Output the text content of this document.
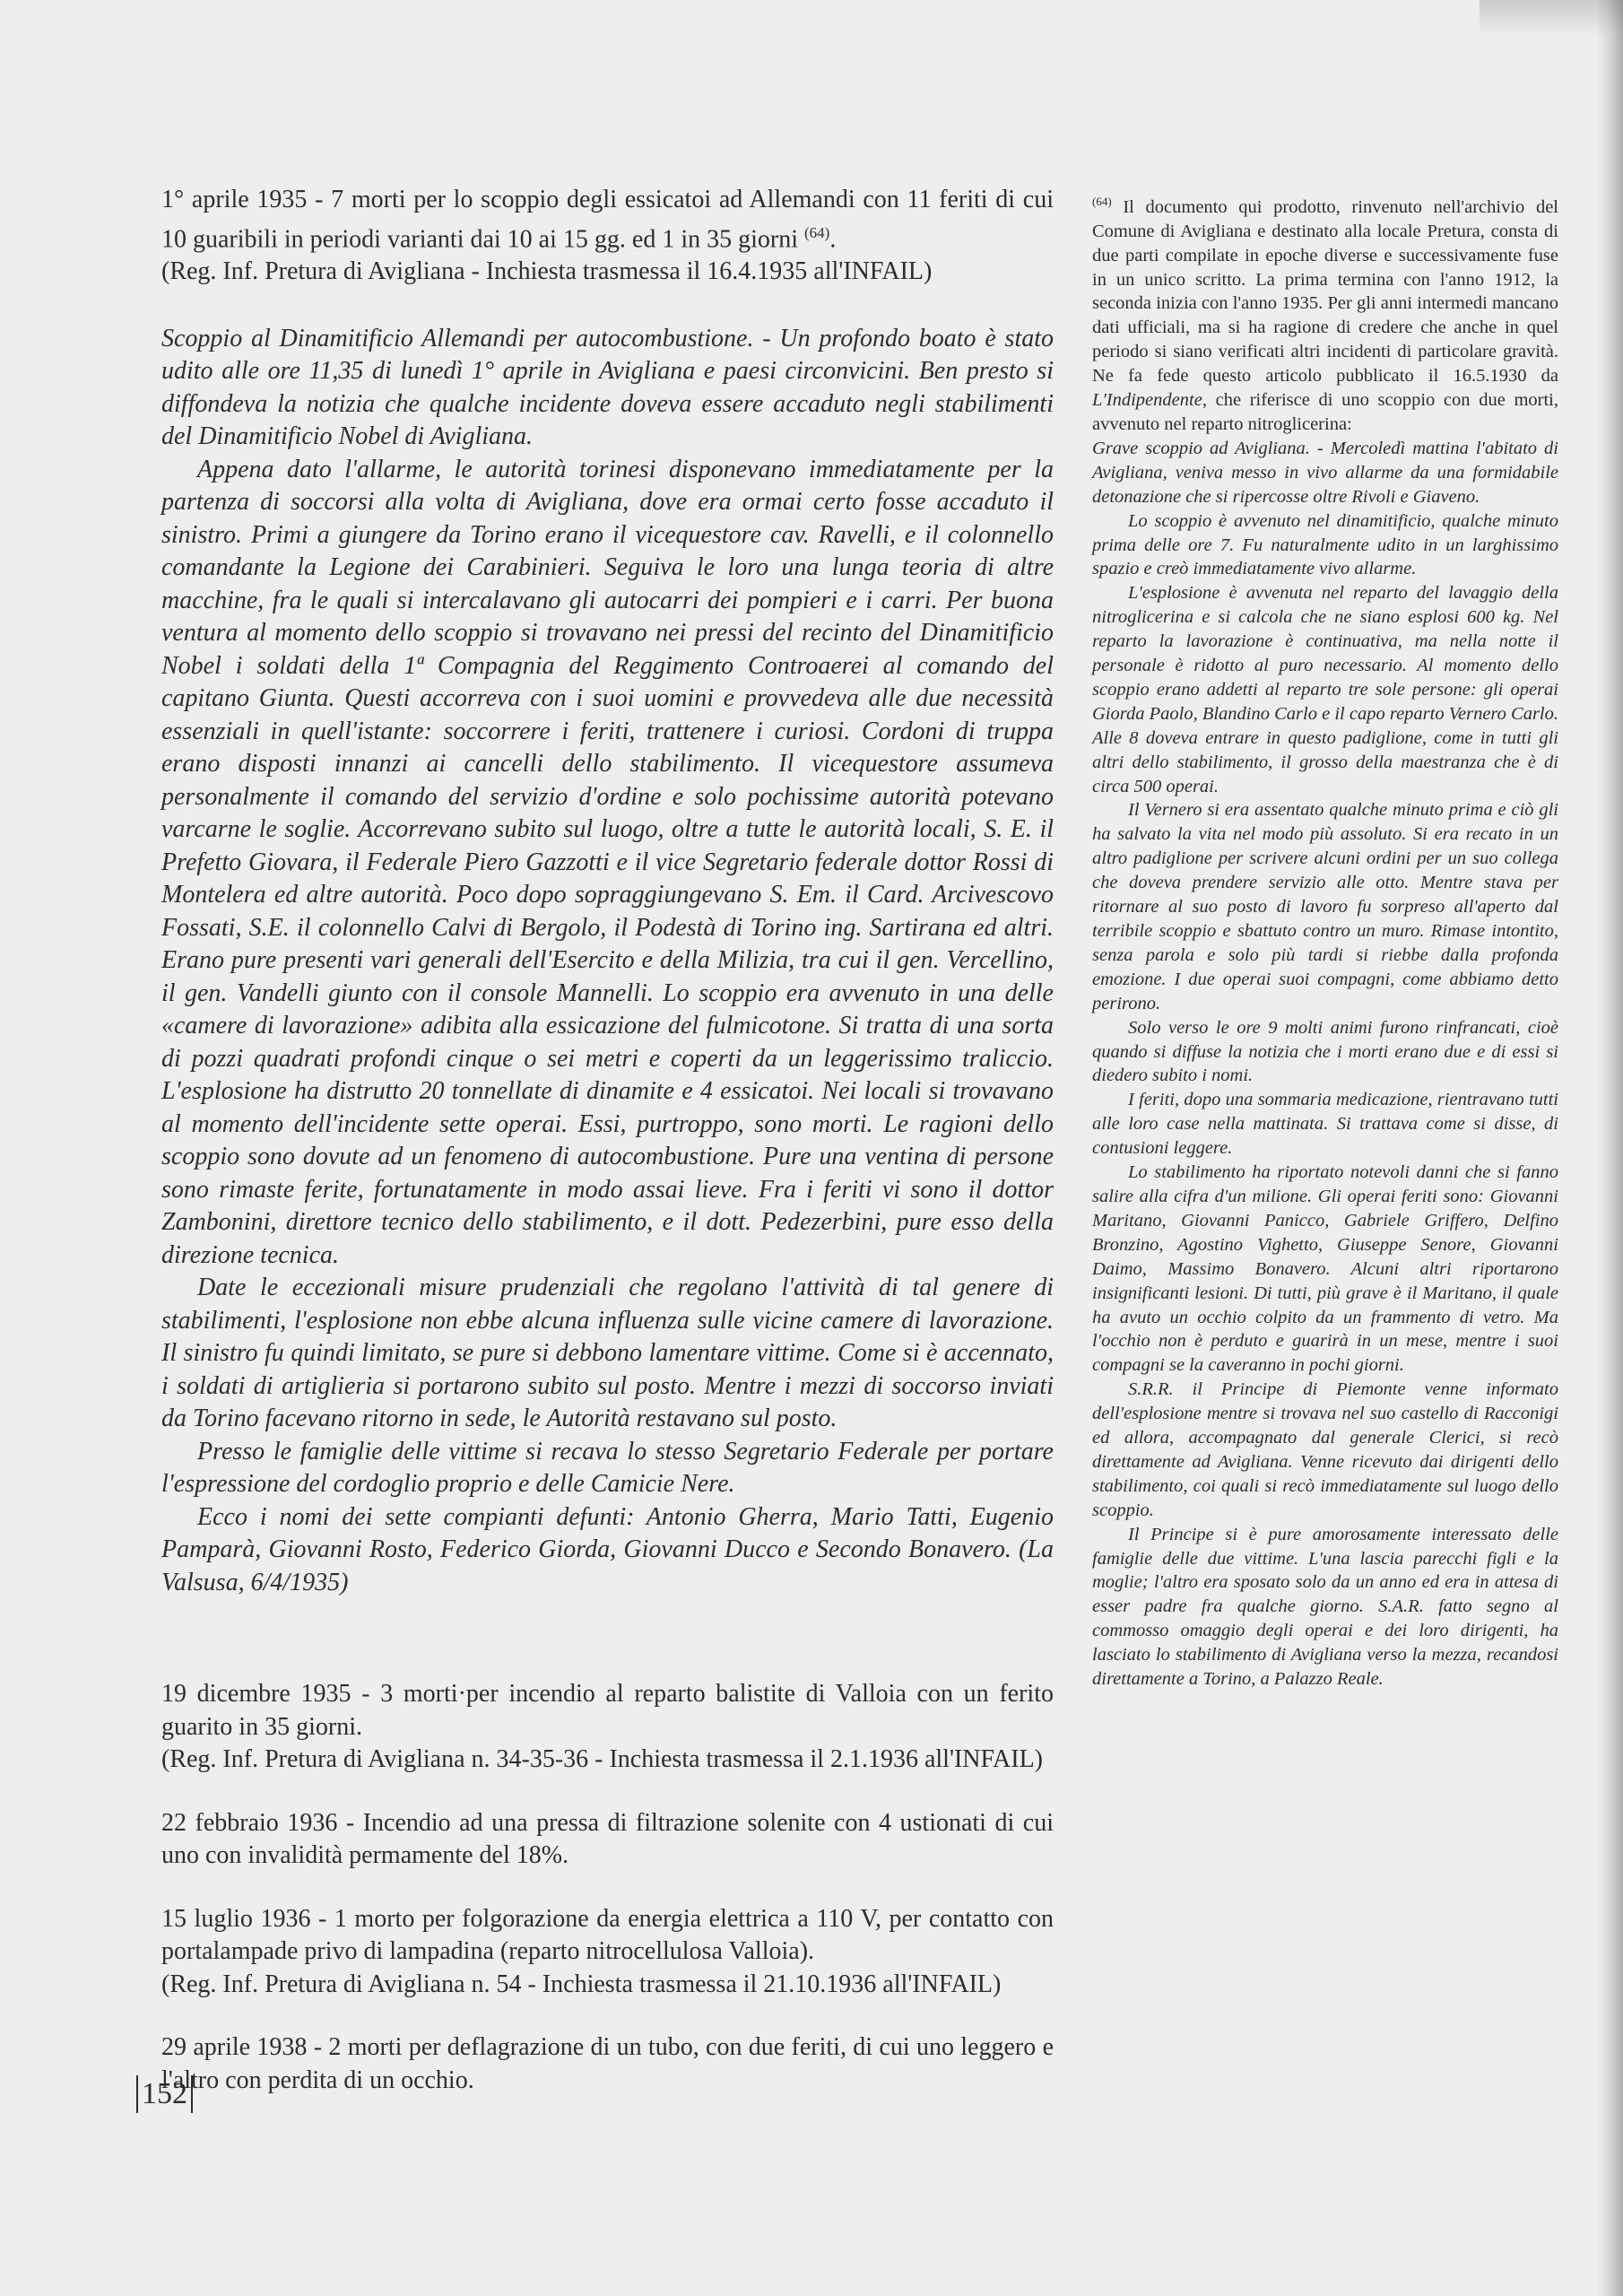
1° aprile 1935 - 7 morti per lo scoppio degli essicatoi ad Allemandi con 11 feriti di cui 10 guaribili in periodi varianti dai 10 ai 15 gg. ed 1 in 35 giorni $^{(64)}$.

(Reg. Inf. Pretura di Avigliana - Inchiesta trasmessa il 16.4.1935 all'INFAIL)

Scoppio al Dinamitificio Allemandi per autocombustione. - Un profondo boato è stato udito alle ore 11,35 di lunedì 1° aprile in Avigliana e paesi circonvicini. Ben presto si diffondeva la notizia che qualche incidente doveva essere accaduto negli stabilimenti del Dinamitificio Nobel di Avigliana.

Appena dato l'allarme, le autorità torinesi disponevano immediatamente per la partenza di soccorsi alla volta di Avigliana, dove era ormai certo fosse accaduto il sinistro. Primi a giungere da Torino erano il vicequestore cav. Ravelli, e il colonnello comandante la Legione dei Carabinieri. Seguiva le loro una lunga teoria di altre macchine, fra le quali si intercalavano gli autocarri dei pompieri e i carri. Per buona ventura al momento dello scoppio si trovavano nei pressi del recinto del Dinamitificio Nobel i soldati della 1ª Compagnia del Reggimento Controaerei al comando del capitano Giunta. Questi accorreva con i suoi uomini e provvedeva alle due necessità essenziali in quell'istante: soccorrere i feriti, trattenere i curiosi. Cordoni di truppa erano disposti innanzi ai cancelli dello stabilimento. Il vicequestore assumeva personalmente il comando del servizio d'ordine e solo pochissime autorità potevano varcarne le soglie. Accorrevano subito sul luogo, oltre a tutte le autorità locali, S. E. il Prefetto Giovara, il Federale Piero Gazzotti e il vice Segretario federale dottor Rossi di Montelera ed altre autorità. Poco dopo sopraggiungevano S. Em. il Card. Arcivescovo Fossati, S.E. il colonnello Calvi di Bergolo, il Podestà di Torino ing. Sartirana ed altri. Erano pure presenti vari generali dell'Esercito e della Milizia, tra cui il gen. Vercellino, il gen. Vandelli giunto con il console Mannelli. Lo scoppio era avvenuto in una delle «camere di lavorazione» adibita alla essicazione del fulmicotone. Si tratta di una sorta di pozzi quadrati profondi cinque o sei metri e coperti da un leggerissimo traliccio. L'esplosione ha distrutto 20 tonnellate di dinamite e 4 essicatoi. Nei locali si trovavano al momento dell'incidente sette operai. Essi, purtroppo, sono morti. Le ragioni dello scoppio sono dovute ad un fenomeno di autocombustione. Pure una ventina di persone sono rimaste ferite, fortunatamente in modo assai lieve. Fra i feriti vi sono il dottor Zambonini, direttore tecnico dello stabilimento, e il dott. Pedezerbini, pure esso della direzione tecnica.

Date le eccezionali misure prudenziali che regolano l'attività di tal genere di stabilimenti, l'esplosione non ebbe alcuna influenza sulle vicine camere di lavorazione. Il sinistro fu quindi limitato, se pure si debbono lamentare vittime. Come si è accennato, i soldati di artiglieria si portarono subito sul posto. Mentre i mezzi di soccorso inviati da Torino facevano ritorno in sede, le Autorità restavano sul posto.

Presso le famiglie delle vittime si recava lo stesso Segretario Federale per portare l'espressione del cordoglio proprio e delle Camicie Nere.

Ecco i nomi dei sette compianti defunti: Antonio Gherra, Mario Tatti, Eugenio Pamparà, Giovanni Rosto, Federico Giorda, Giovanni Ducco e Secondo Bonavero. (La Valsusa, 6/4/1935)

19 dicembre 1935 - 3 morti·per incendio al reparto balistite di Valloia con un ferito guarito in 35 giorni.

(Reg. Inf. Pretura di Avigliana n. 34-35-36 - Inchiesta trasmessa il 2.1.1936 all'INFAIL)

22 febbraio 1936 - Incendio ad una pressa di filtrazione solenite con 4 ustionati di cui uno con invalidità permamente del 18%.

15 luglio 1936 - 1 morto per folgorazione da energia elettrica a 110 V, per contatto con portalampade privo di lampadina (reparto nitrocellulosa Valloia).

(Reg. Inf. Pretura di Avigliana n. 54 - Inchiesta trasmessa il 21.10.1936 all'INFAIL)

29 aprile 1938 - 2 morti per deflagrazione di un tubo, con due feriti, di cui uno leggero e l'altro con perdita di un occhio.

$^{(64)}$ Il documento qui prodotto, rinvenuto nell'archivio del Comune di Avigliana e destinato alla locale Pretura, consta di due parti compilate in epoche diverse e successivamente fuse in un unico scritto. La prima termina con l'anno 1912, la seconda inizia con l'anno 1935. Per gli anni intermedi mancano dati ufficiali, ma si ha ragione di credere che anche in quel periodo si siano verificati altri incidenti di particolare gravità. Ne fa fede questo articolo pubblicato il 16.5.1930 da L'Indipendente, che riferisce di uno scoppio con due morti, avvenuto nel reparto nitroglicerina:

Grave scoppio ad Avigliana. - Mercoledì mattina l'abitato di Avigliana, veniva messo in vivo allarme da una formidabile detonazione che si ripercosse oltre Rivoli e Giaveno.

Lo scoppio è avvenuto nel dinamitificio, qualche minuto prima delle ore 7. Fu naturalmente udito in un larghissimo spazio e creò immediatamente vivo allarme.

L'esplosione è avvenuta nel reparto del lavaggio della nitroglicerina e si calcola che ne siano esplosi 600 kg. Nel reparto la lavorazione è continuativa, ma nella notte il personale è ridotto al puro necessario. Al momento dello scoppio erano addetti al reparto tre sole persone: gli operai Giorda Paolo, Blandino Carlo e il capo reparto Vernero Carlo. Alle 8 doveva entrare in questo padiglione, come in tutti gli altri dello stabilimento, il grosso della maestranza che è di circa 500 operai.

Il Vernero si era assentato qualche minuto prima e ciò gli ha salvato la vita nel modo più assoluto. Si era recato in un altro padiglione per scrivere alcuni ordini per un suo collega che doveva prendere servizio alle otto. Mentre stava per ritornare al suo posto di lavoro fu sorpreso all'aperto dal terribile scoppio e sbattuto contro un muro. Rimase intontito, senza parola e solo più tardi si riebbe dalla profonda emozione. I due operai suoi compagni, come abbiamo detto perirono.

Solo verso le ore 9 molti animi furono rinfrancati, cioè quando si diffuse la notizia che i morti erano due e di essi si diedero subito i nomi.

I feriti, dopo una sommaria medicazione, rientravano tutti alle loro case nella mattinata. Si trattava come si disse, di contusioni leggere.

Lo stabilimento ha riportato notevoli danni che si fanno salire alla cifra d'un milione. Gli operai feriti sono: Giovanni Maritano, Giovanni Panicco, Gabriele Griffero, Delfino Bronzino, Agostino Vighetto, Giuseppe Senore, Giovanni Daimo, Massimo Bonavero. Alcuni altri riportarono insignificanti lesioni. Di tutti, più grave è il Maritano, il quale ha avuto un occhio colpito da un frammento di vetro. Ma l'occhio non è perduto e guarirà in un mese, mentre i suoi compagni se la caveranno in pochi giorni.

S.R.R. il Principe di Piemonte venne informato dell'esplosione mentre si trovava nel suo castello di Racconigi ed allora, accompagnato dal generale Clerici, si recò direttamente ad Avigliana. Venne ricevuto dai dirigenti dello stabilimento, coi quali si recò immediatamente sul luogo dello scoppio.

Il Principe si è pure amorosamente interessato delle famiglie delle due vittime. L'una lascia parecchi figli e la moglie; l'altro era sposato solo da un anno ed era in attesa di esser padre fra qualche giorno. S.A.R. fatto segno al commosso omaggio degli operai e dei loro dirigenti, ha lasciato lo stabilimento di Avigliana verso la mezza, recandosi direttamente a Torino, a Palazzo Reale.

152
